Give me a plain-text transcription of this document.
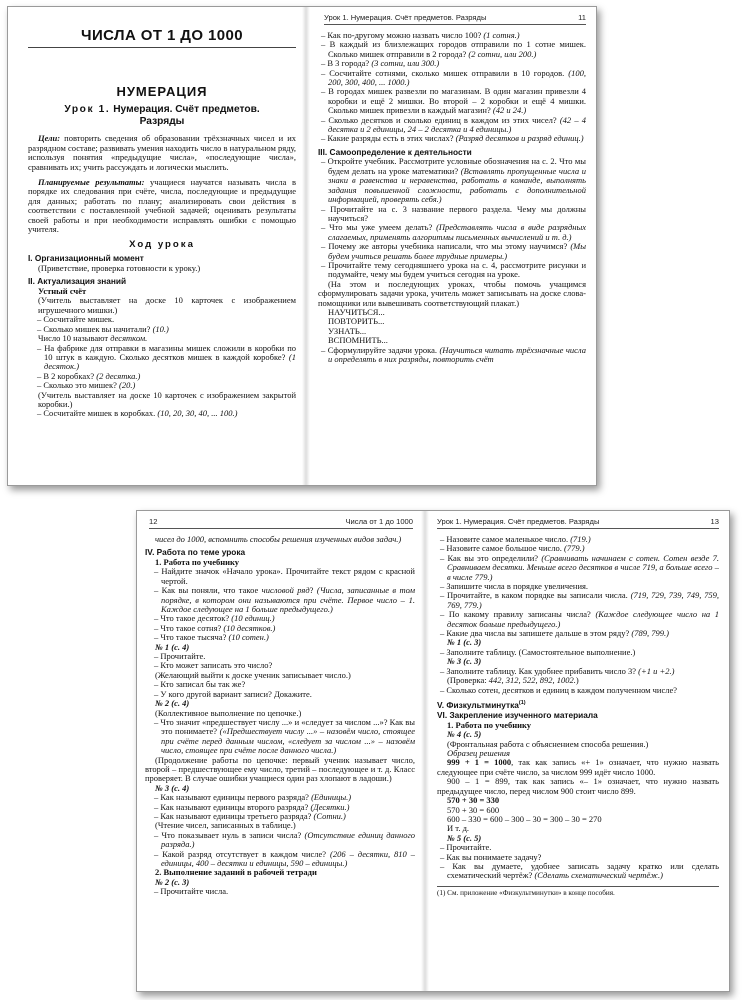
ЧИСЛА ОТ 1 ДО 1000
НУМЕРАЦИЯ
Урок 1. Нумерация. Счёт предметов.
Разряды

Цели: повторить сведения об образовании трёхзначных чисел и их разрядном составе; развивать умения находить число в натуральном ряду, используя понятия «предыдущие числа», «последующие числа», сравнивать их; учить рассуждать и логически мыслить.

Планируемые результаты: учащиеся научатся называть числа в порядке их следования при счёте, числа, последующие и предыдущие для данных; работать по плану; анализировать свои действия в соответствии с поставленной учебной задачей; оценивать результаты своей работы и при необходимости исправлять ошибки с помощью учителя.

Ход урока

I. Организационный момент

(Приветствие, проверка готовности к уроку.)

II. Актуализация знаний

Устный счёт

(Учитель выставляет на доске 10 карточек с изображением игрушечного мишки.)

– Сосчитайте мишек.

– Сколько мишек вы начитали? (10.)

Число 10 называют десятком.

– На фабрике для отправки в магазины мишек сложили в коробки по 10 штук в каждую. Сколько десятков мишек в каждой коробке? (1 десяток.)

– В 2 коробках? (2 десятка.)

– Сколько это мишек? (20.)

(Учитель выставляет на доске 10 карточек с изображением закрытой коробки.)

– Сосчитайте мишек в коробках. (10, 20, 30, 40, ... 100.)

Урок 1. Нумерация. Счёт предметов. Разряды	11

– Как по-другому можно назвать число 100? (1 сотня.)

– В каждый из близлежащих городов отправили по 1 сотне мишек. Сколько мишек отправили в 2 города? (2 сотни, или 200.)

– В 3 города? (3 сотни, или 300.)

– Сосчитайте сотнями, сколько мишек отправили в 10 городов. (100, 200, 300, 400, ... 1000.)

– В городах мишек развезли по магазинам. В один магазин привезли 4 коробки и ещё 2 мишки. Во второй – 2 коробки и ещё 4 мишки. Сколько мишек привезли в каждый магазин? (42 и 24.)

– Сколько десятков и сколько единиц в каждом из этих чисел? (42 – 4 десятка и 2 единицы, 24 – 2 десятка и 4 единицы.)

– Какие разряды есть в этих числах? (Разряд десятков и разряд единиц.)

III. Самоопределение к деятельности

– Откройте учебник. Рассмотрите условные обозначения на с. 2. Что мы будем делать на уроке математики? (Вставлять пропущенные числа и знаки в равенства и неравенства, работать в команде, выполнять задания повышенной сложности, работать с дополнительной информацией, проверять себя.)

– Прочитайте на с. 3 название первого раздела. Чему мы должны научиться?

– Что мы уже умеем делать? (Представлять числа в виде разрядных слагаемых, применять алгоритмы письменных вычислений и т. д.)

– Почему же авторы учебника написали, что мы этому научимся? (Мы будем учиться решать более трудные примеры.)

– Прочитайте тему сегодняшнего урока на с. 4, рассмотрите рисунки и подумайте, чему мы будем учиться сегодня на уроке.

(На этом и последующих уроках, чтобы помочь учащимся сформулировать задачи урока, учитель может записывать на доске слова-помощники или вывешивать соответствующий плакат.)

НАУЧИТЬСЯ...

ПОВТОРИТЬ...

УЗНАТЬ...

ВСПОМНИТЬ...

– Сформулируйте задачи урока. (Научиться читать трёхзначные числа и определять в них разряды, повторить счёт

12	Числа от 1 до 1000

чисел до 1000, вспомнить способы решения изученных видов задач.)

IV. Работа по теме урока

1. Работа по учебнику

– Найдите значок «Начало урока». Прочитайте текст рядом с красной чертой.

– Как вы поняли, что такое числовой ряд? (Числа, записанные в том порядке, в котором они называются при счёте. Первое число – 1. Каждое следующее на 1 больше предыдущего.)

– Что такое десяток? (10 единиц.)

– Что такое сотня? (10 десятков.)

– Что такое тысяча? (10 сотен.)

№ 1 (с. 4)

– Прочитайте.

– Кто может записать это число?

(Желающий выйти к доске ученик записывает число.)

– Кто записал бы так же?

– У кого другой вариант записи? Докажите.

№ 2 (с. 4)

(Коллективное выполнение по цепочке.)

– Что значит «предшествует числу ...» и «следует за числом ...»? Как вы это понимаете? («Предшествует числу ...» – назовём число, стоящее при счёте перед данным числом, «следует за числом ...» – назовём число, стоящее при счёте после данного числа.)

(Продолжение работы по цепочке: первый ученик называет число, второй – предшествующее ему число, третий – последующее и т. д. Класс проверяет. В случае ошибки учащиеся один раз хлопают в ладоши.)

№ 3 (с. 4)

– Как называют единицы первого разряда? (Единицы.)

– Как называют единицы второго разряда? (Десятки.)

– Как называют единицы третьего разряда? (Сотни.)

(Чтение чисел, записанных в таблице.)

– Что показывает нуль в записи числа? (Отсутствие единиц данного разряда.)

– Какой разряд отсутствует в каждом числе? (206 – десятки, 810 – единицы, 400 – десятки и единицы, 590 – единицы.)

2. Выполнение заданий в рабочей тетради

№ 2 (с. 3)

– Прочитайте числа.

Урок 1. Нумерация. Счёт предметов. Разряды	13

– Назовите самое маленькое число. (719.)

– Назовите самое большое число. (779.)

– Как вы это определили? (Сравнивать начинаем с сотен. Сотен везде 7. Сравниваем десятки. Меньше всего десятков в числе 719, а больше всего – в числе 779.)

– Запишите числа в порядке увеличения.

– Прочитайте, в каком порядке вы записали числа. (719, 729, 739, 749, 759, 769, 779.)

– По какому правилу записаны числа? (Каждое следующее число на 1 десяток больше предыдущего.)

– Какие два числа вы запишете дальше в этом ряду? (789, 799.)

№ 1 (с. 3)

– Заполните таблицу. (Самостоятельное выполнение.)

№ 3 (с. 3)

– Заполните таблицу. Как удобнее прибавить число 3? (+1 и +2.)

(Проверка: 442, 312, 522, 892, 1002.)

– Сколько сотен, десятков и единиц в каждом полученном числе?

V. Физкультминутка$^{(1)}$

VI. Закрепление изученного материала

1. Работа по учебнику

№ 4 (с. 5)

(Фронтальная работа с объяснением способа решения.)

Образец решения

999 + 1 = 1000, так как запись «+ 1» означает, что нужно назвать следующее при счёте число, за числом 999 идёт число 1000.

900 – 1 = 899, так как запись «– 1» означает, что нужно назвать предыдущее число, перед числом 900 стоит число 899.

570 + 30 = 330

570 + 30 = 600

600 – 330 = 600 – 300 – 30 = 300 – 30 = 270

И т. д.

№ 5 (с. 5)

– Прочитайте.

– Как вы понимаете задачу?

– Как вы думаете, удобнее записать задачу кратко или сделать схематический чертёж? (Сделать схематический чертёж.)

(1) См. приложение «Физкультминутки» в конце пособия.
